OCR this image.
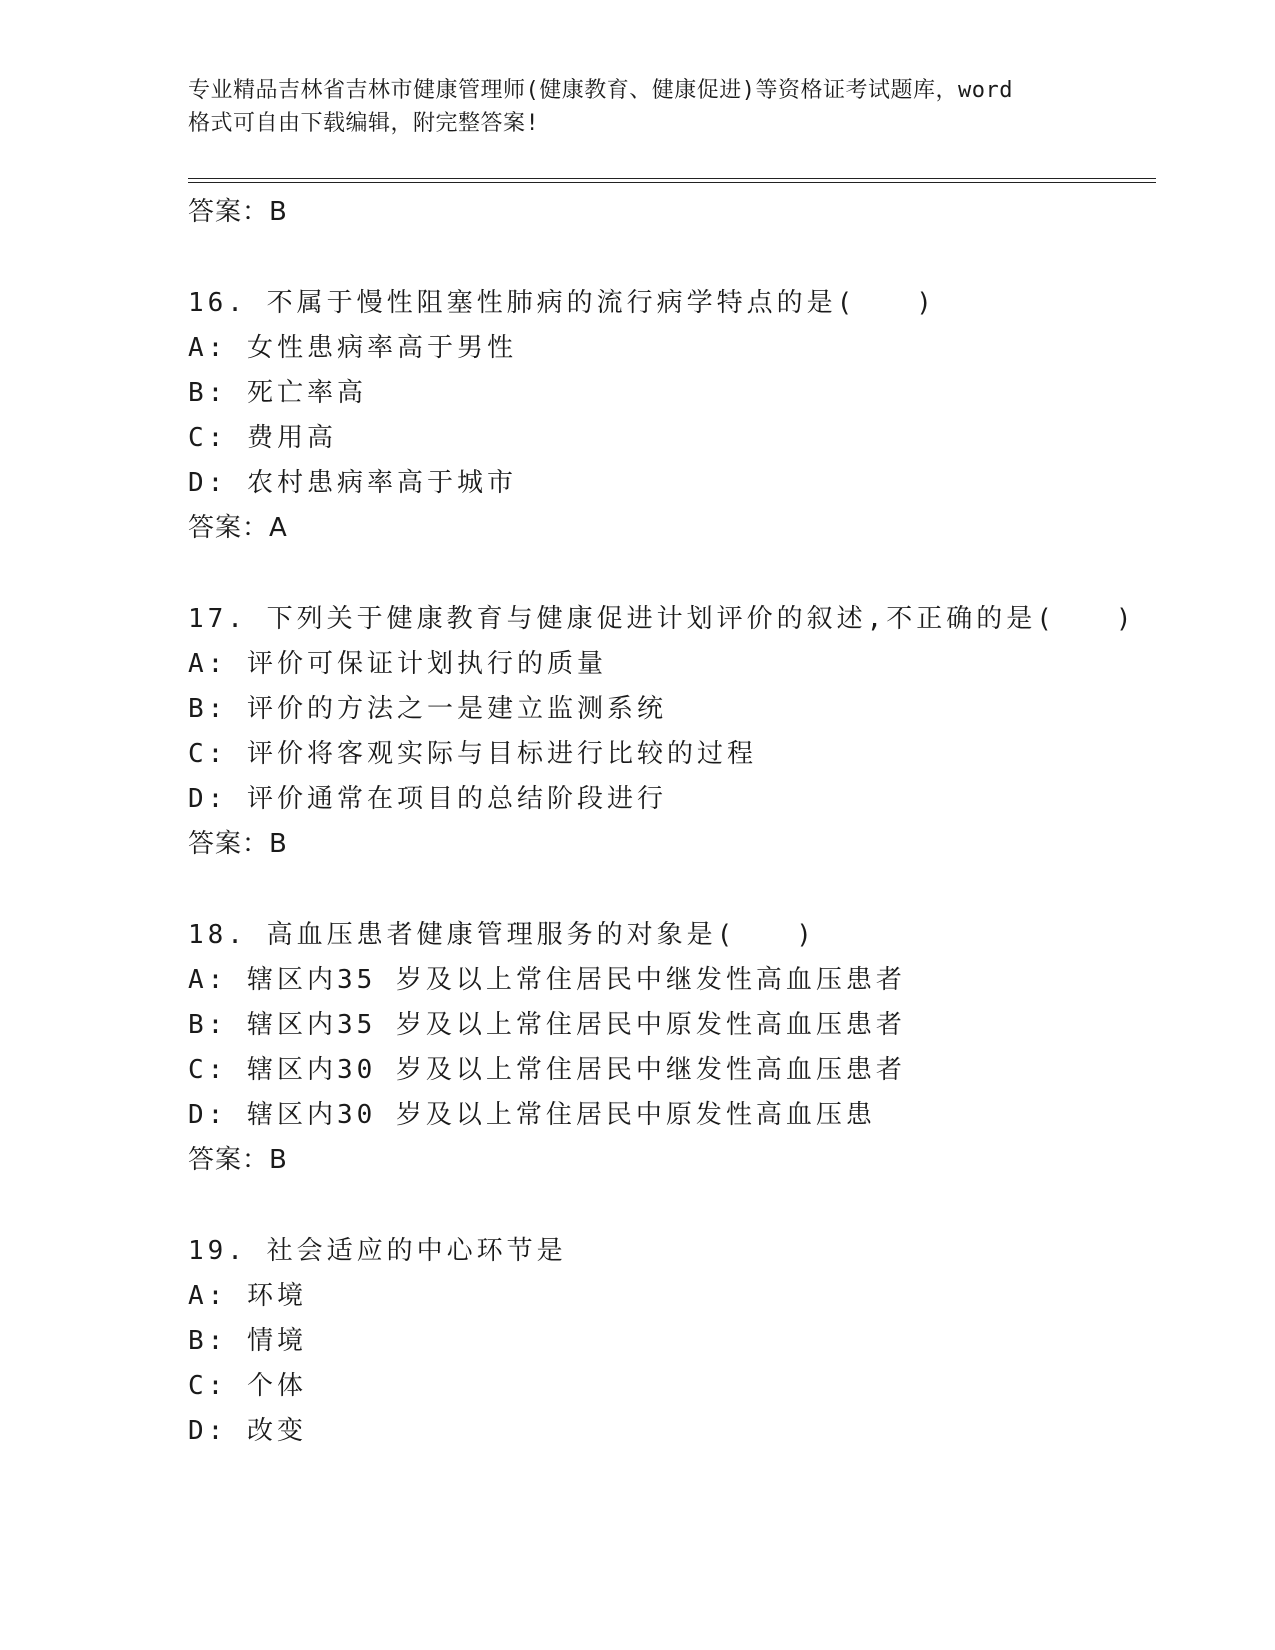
专业精品吉林省吉林市健康管理师(健康教育、健康促进)等资格证考试题库，word
格式可自由下载编辑，附完整答案!
答案：B
16. 不属于慢性阻塞性肺病的流行病学特点的是(　　)
A: 女性患病率高于男性
B: 死亡率高
C: 费用高
D: 农村患病率高于城市
答案：A
17. 下列关于健康教育与健康促进计划评价的叙述,不正确的是(　　)
A: 评价可保证计划执行的质量
B: 评价的方法之一是建立监测系统
C: 评价将客观实际与目标进行比较的过程
D: 评价通常在项目的总结阶段进行
答案：B
18. 高血压患者健康管理服务的对象是(　　)
A: 辖区内35 岁及以上常住居民中继发性高血压患者
B: 辖区内35 岁及以上常住居民中原发性高血压患者
C: 辖区内30 岁及以上常住居民中继发性高血压患者
D: 辖区内30 岁及以上常住居民中原发性高血压患
答案：B
19. 社会适应的中心环节是
A: 环境
B: 情境
C: 个体
D: 改变
